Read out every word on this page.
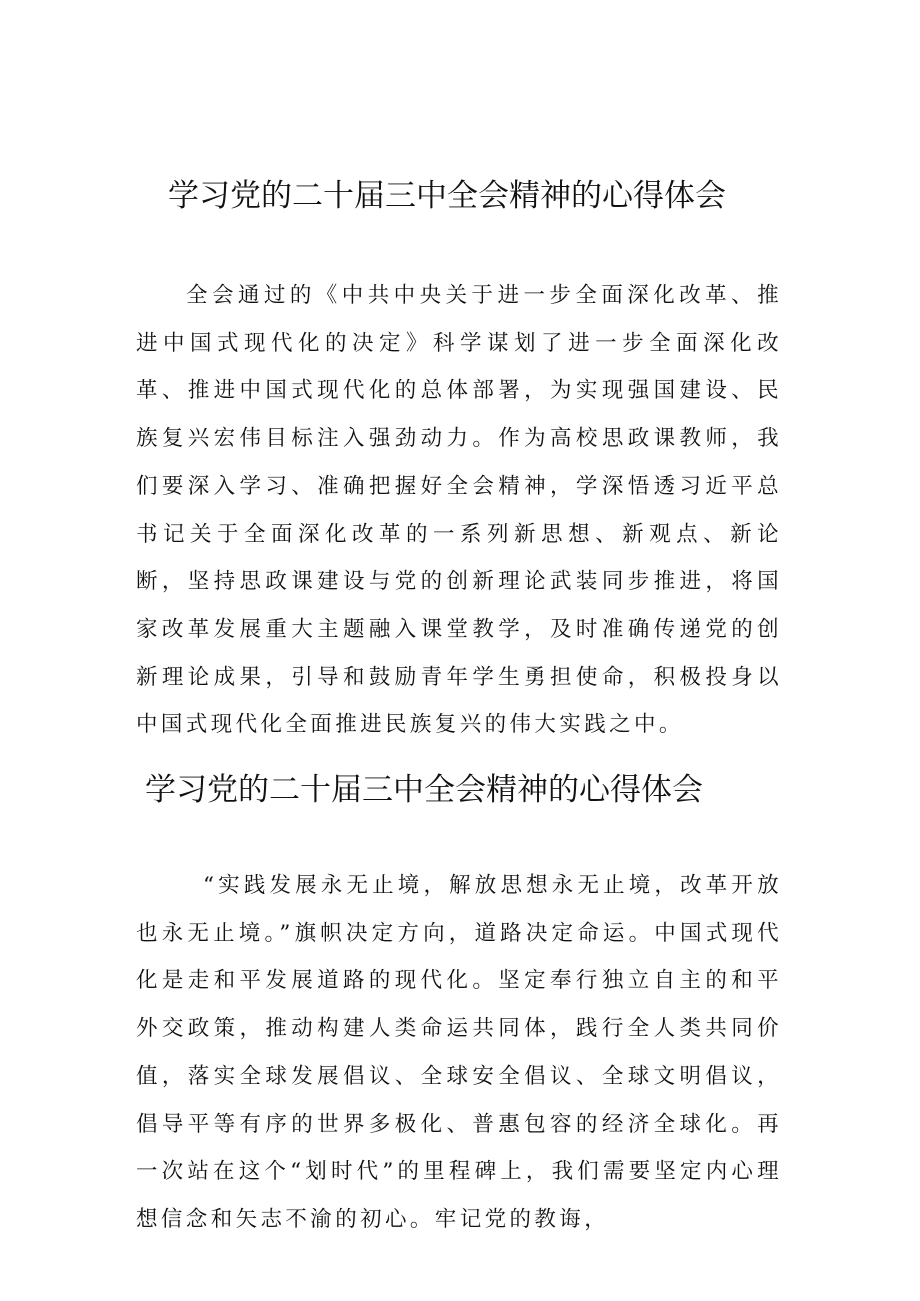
学习党的二十届三中全会精神的心得体会

全会通过的《中共中央关于进一步全面深化改革、推进中国式现代化的决定》科学谋划了进一步全面深化改革、推进中国式现代化的总体部署，为实现强国建设、民族复兴宏伟目标注入强劲动力。作为高校思政课教师，我们要深入学习、准确把握好全会精神，学深悟透习近平总书记关于全面深化改革的一系列新思想、新观点、新论断，坚持思政课建设与党的创新理论武装同步推进，将国家改革发展重大主题融入课堂教学，及时准确传递党的创新理论成果，引导和鼓励青年学生勇担使命，积极投身以中国式现代化全面推进民族复兴的伟大实践之中。

学习党的二十届三中全会精神的心得体会

“实践发展永无止境，解放思想永无止境，改革开放也永无止境。”旗帜决定方向，道路决定命运。中国式现代化是走和平发展道路的现代化。坚定奉行独立自主的和平外交政策，推动构建人类命运共同体，践行全人类共同价值，落实全球发展倡议、全球安全倡议、全球文明倡议，倡导平等有序的世界多极化、普惠包容的经济全球化。再一次站在这个“划时代”的里程碑上，我们需要坚定内心理想信念和矢志不渝的初心。牢记党的教诲，
